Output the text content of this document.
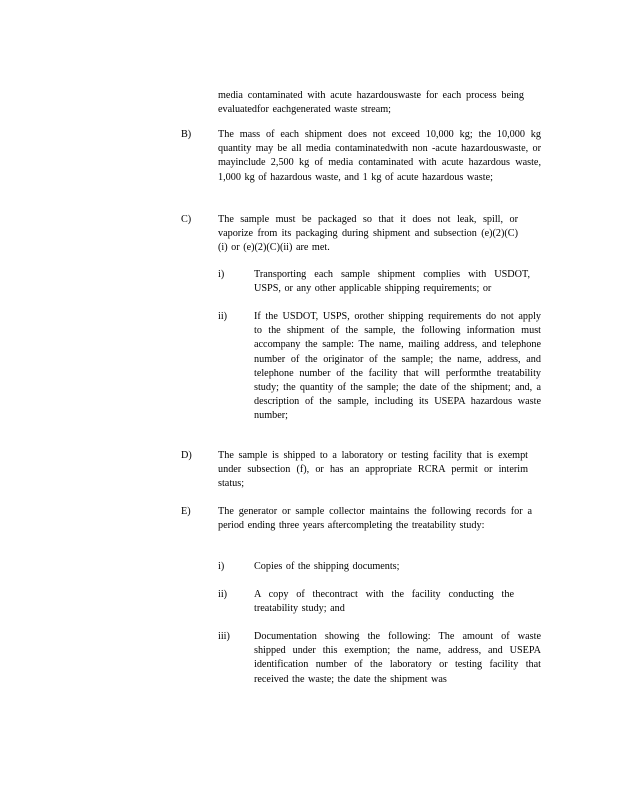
media contaminated with acute hazardouswaste for each process being evaluatedfor eachgenerated waste stream;

B)	The mass of each shipment does not exceed 10,000 kg; the 10,000 kg quantity may be all media contaminatedwith non -acute hazardouswaste, or mayinclude 2,500 kg of media contaminated with acute hazardous waste, 1,000 kg of hazardous waste, and 1 kg of acute hazardous waste;

C)	The sample must be packaged so that it does not leak, spill, or vaporize from its packaging during shipment and subsection (e)(2)(C)(i) or (e)(2)(C)(ii) are met.

i)	Transporting each sample shipment complies with USDOT, USPS, or any other applicable shipping requirements; or

ii)	If the USDOT, USPS, orother shipping requirements do not apply to the shipment of the sample, the following information must accompany the sample: The name, mailing address, and telephone number of the originator of the sample; the name, address, and telephone number of the facility that will performthe treatability study; the quantity of the sample; the date of the shipment; and, a description of the sample, including its USEPA hazardous waste number;

D)	The sample is shipped to a laboratory or testing facility that is exempt under subsection (f), or has an appropriate RCRA permit or interim status;

E)	The generator or sample collector maintains the following records for a period ending three years aftercompleting the treatability study:

i)	Copies of the shipping documents;

ii)	A copy of thecontract with the facility conducting the treatability study; and

iii) Documentation showing the following: The amount of waste shipped under this exemption; the name, address, and USEPA identification number of the laboratory or testing facility that received the waste; the date the shipment was
